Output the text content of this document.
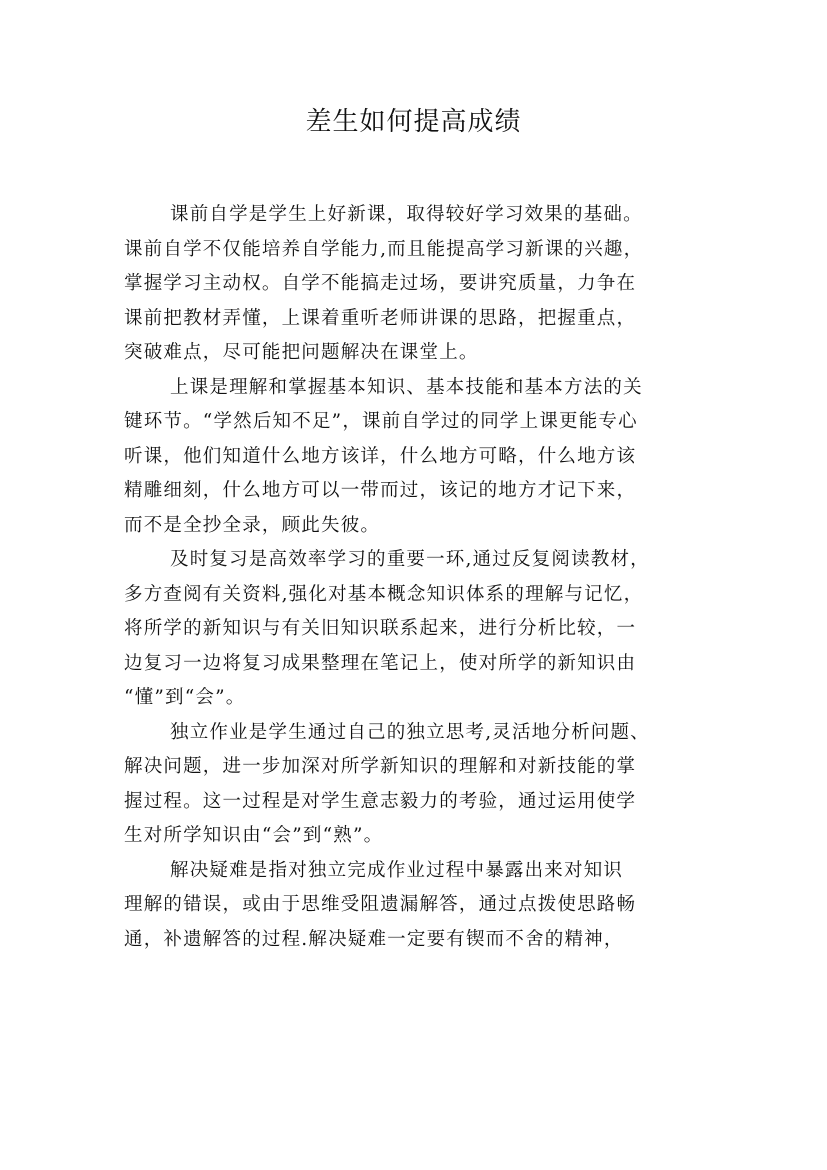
差生如何提高成绩
课前自学是学生上好新课，取得较好学习效果的基础。
课前自学不仅能培养自学能力,而且能提高学习新课的兴趣，
掌握学习主动权。自学不能搞走过场，要讲究质量，力争在
课前把教材弄懂，上课着重听老师讲课的思路，把握重点，
突破难点，尽可能把问题解决在课堂上。
上课是理解和掌握基本知识、基本技能和基本方法的关
键环节。“学然后知不足”，课前自学过的同学上课更能专心
听课，他们知道什么地方该详，什么地方可略，什么地方该
精雕细刻，什么地方可以一带而过，该记的地方才记下来，
而不是全抄全录，顾此失彼。
及时复习是高效率学习的重要一环,通过反复阅读教材，
多方查阅有关资料,强化对基本概念知识体系的理解与记忆，
将所学的新知识与有关旧知识联系起来，进行分析比较，一
边复习一边将复习成果整理在笔记上，使对所学的新知识由
“懂”到“会”。
独立作业是学生通过自己的独立思考,灵活地分析问题、
解决问题，进一步加深对所学新知识的理解和对新技能的掌
握过程。这一过程是对学生意志毅力的考验，通过运用使学
生对所学知识由“会”到“熟”。
解决疑难是指对独立完成作业过程中暴露出来对知识
理解的错误，或由于思维受阻遗漏解答，通过点拨使思路畅
通，补遗解答的过程.解决疑难一定要有锲而不舍的精神，
